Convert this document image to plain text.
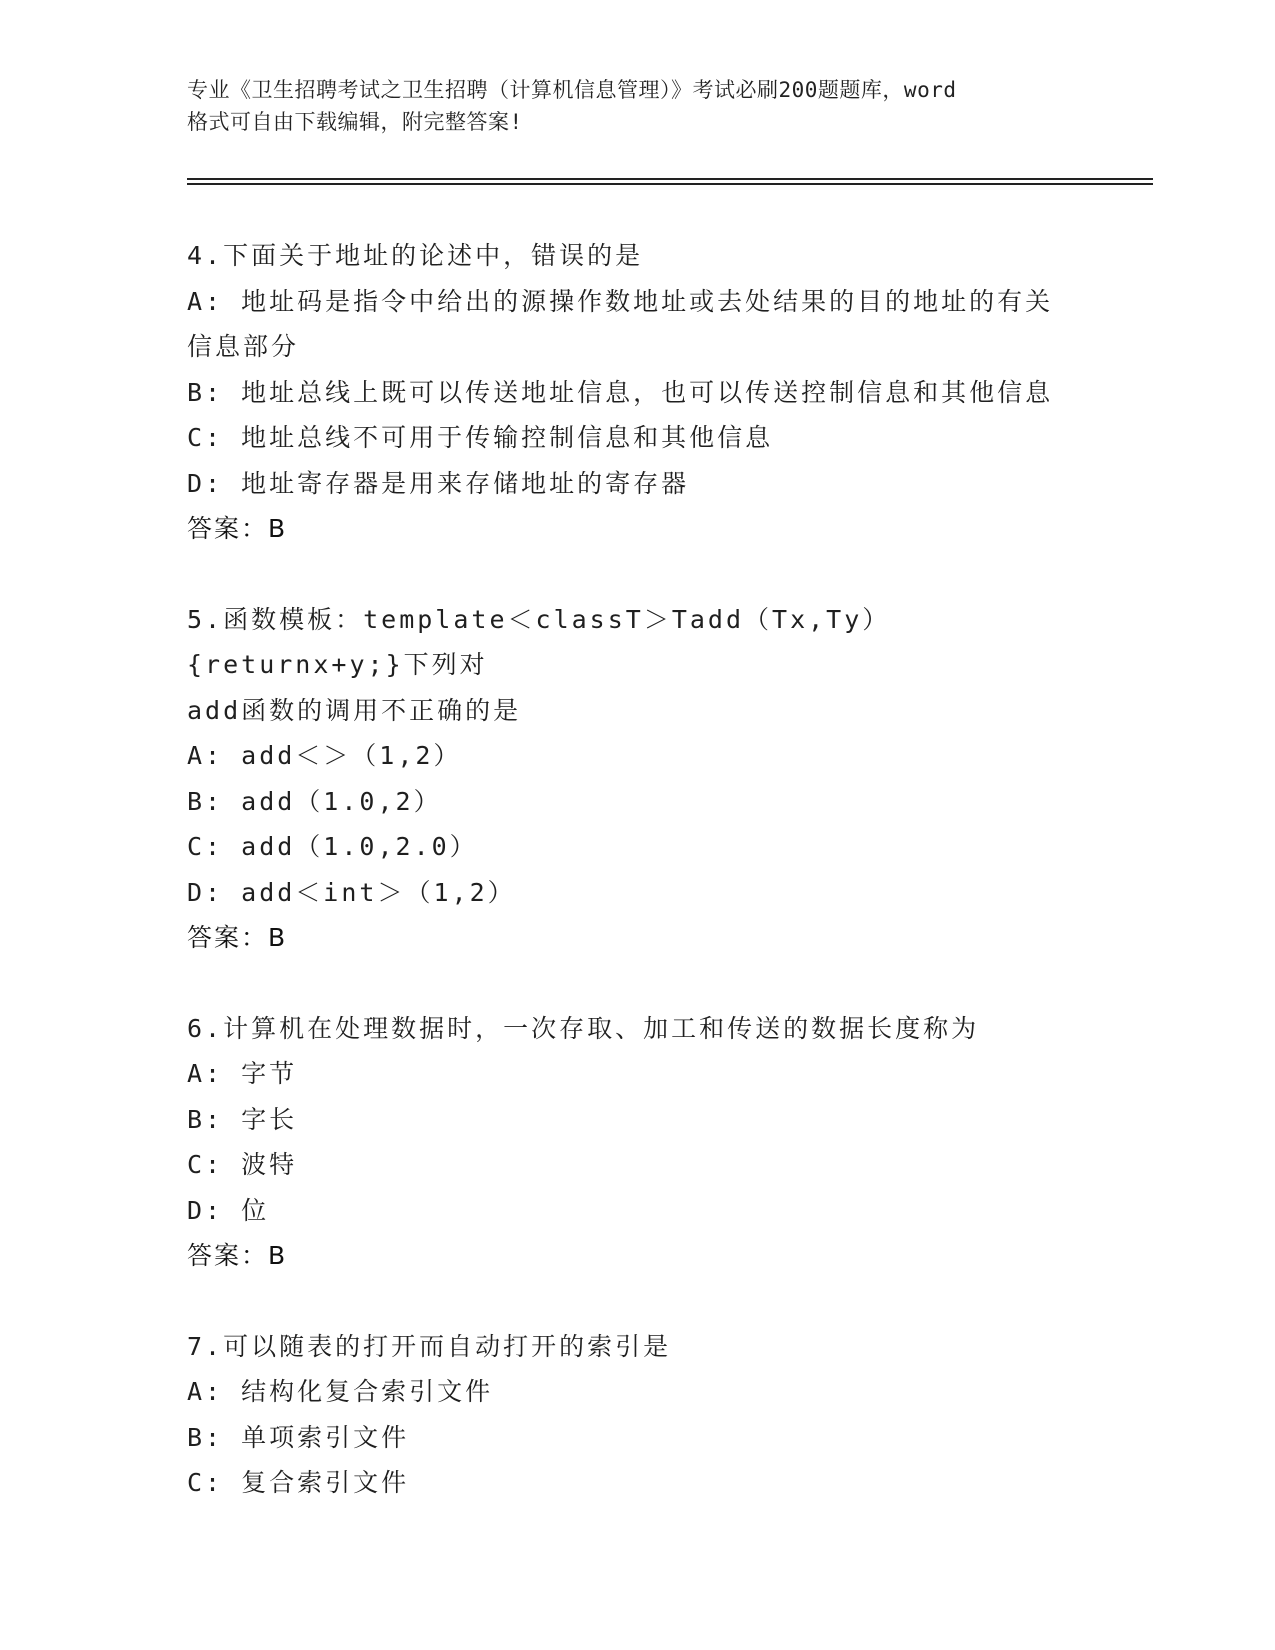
专业《卫生招聘考试之卫生招聘（计算机信息管理）》考试必刷200题题库，word
格式可自由下载编辑，附完整答案!
4.下面关于地址的论述中，错误的是
A: 地址码是指令中给出的源操作数地址或去处结果的目的地址的有关
信息部分
B: 地址总线上既可以传送地址信息，也可以传送控制信息和其他信息
C: 地址总线不可用于传输控制信息和其他信息
D: 地址寄存器是用来存储地址的寄存器
答案：B
5.函数模板：template＜classT＞Tadd（Tx,Ty）{returnx+y;}下列对
add函数的调用不正确的是
A: add＜＞（1,2）
B: add（1.0,2）
C: add（1.0,2.0）
D: add＜int＞（1,2）
答案：B
6.计算机在处理数据时，一次存取、加工和传送的数据长度称为
A: 字节
B: 字长
C: 波特
D: 位
答案：B
7.可以随表的打开而自动打开的索引是
A: 结构化复合索引文件
B: 单项索引文件
C: 复合索引文件
